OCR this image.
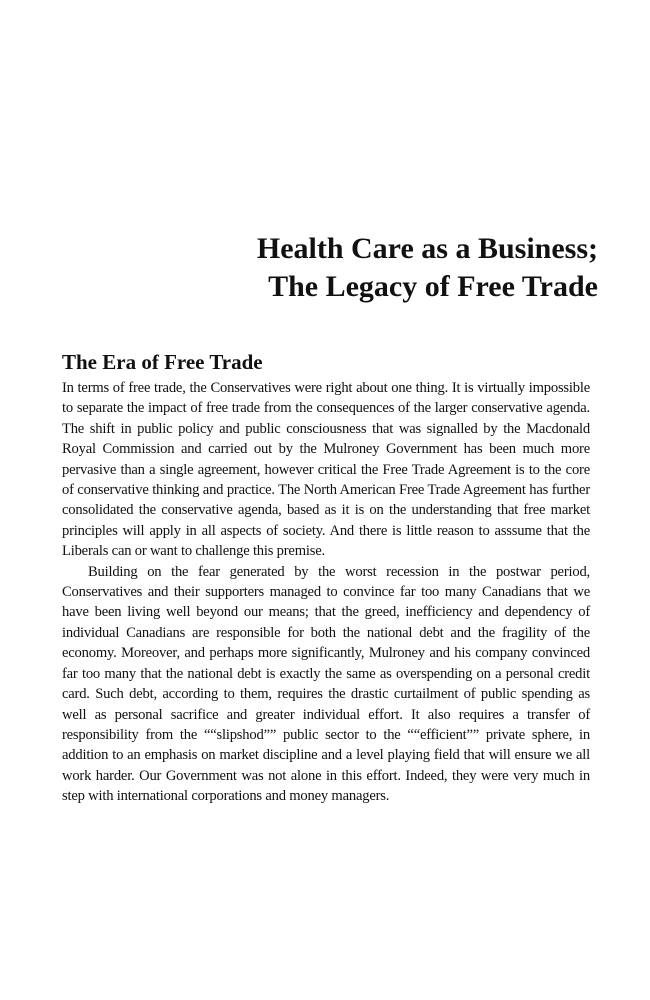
Health Care as a Business;
The Legacy of Free Trade
The Era of Free Trade

In terms of free trade, the Conservatives were right about one thing. It is virtually impossible to separate the impact of free trade from the consequences of the larger conservative agenda. The shift in public policy and public consciousness that was signalled by the Macdonald Royal Commission and carried out by the Mulroney Government has been much more pervasive than a single agreement, however critical the Free Trade Agreement is to the core of conservative thinking and practice. The North American Free Trade Agreement has further consolidated the conservative agenda, based as it is on the understanding that free market principles will apply in all aspects of society. And there is little reason to asssume that the Liberals can or want to challenge this premise.

Building on the fear generated by the worst recession in the postwar period, Conservatives and their supporters managed to convince far too many Canadians that we have been living well beyond our means; that the greed, inefficiency and dependency of individual Canadians are responsible for both the national debt and the fragility of the economy. Moreover, and perhaps more significantly, Mulroney and his company convinced far too many that the national debt is exactly the same as overspending on a personal credit card. Such debt, according to them, requires the drastic curtailment of public spending as well as personal sacrifice and greater individual effort. It also requires a transfer of responsibility from the ““slipshod”” public sector to the ““efficient”” private sphere, in addition to an emphasis on market discipline and a level playing field that will ensure we all work harder. Our Government was not alone in this effort. Indeed, they were very much in step with international corporations and money managers.
